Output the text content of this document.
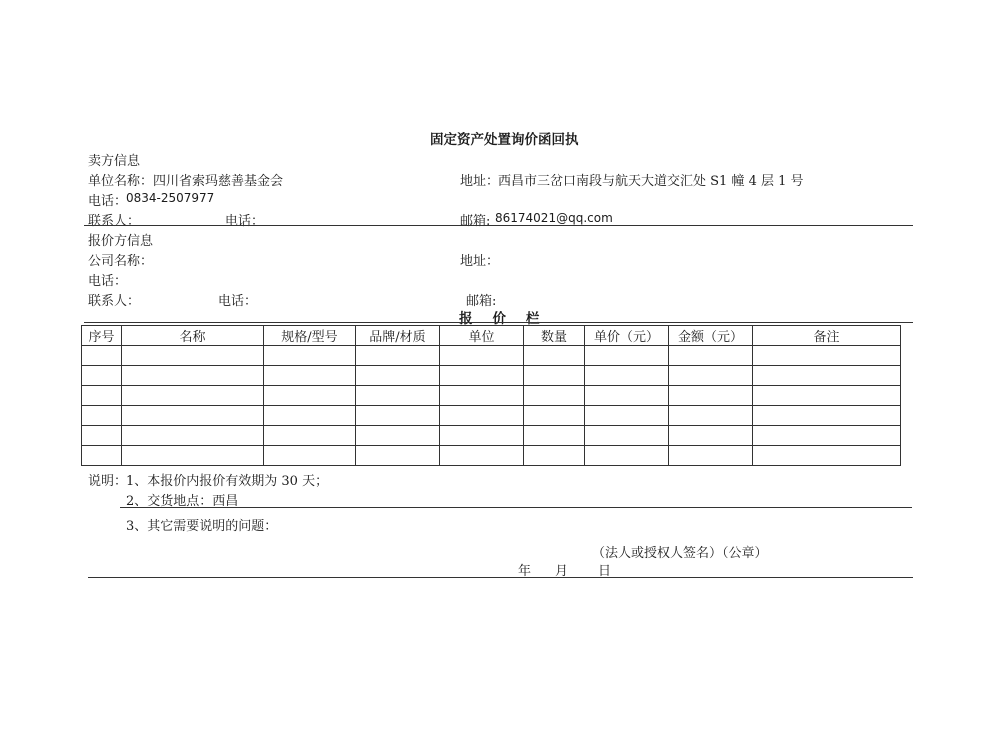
固定资产处置询价函回执
卖方信息
单位名称： 四川省索玛慈善基金会	地址：
西昌市三岔口南段与航天大道交汇处 S1 幢 4 层 1 号
电话：
0834-2507977
联系人：	电话：	邮箱: 86174021@qq.com
报价方信息
公司名称：	地址：
电话：
联系人：	电话：	邮箱:
报价栏
序号	名称	规格/型号	品牌/材质	单位	数量	单价（元）	金额（元）	备注

说明：
1、本报价内报价有效期为 30 天；
2、交货地点：西昌
3、其它需要说明的问题：
（法人或授权人签名）（公章）
年 月 日
